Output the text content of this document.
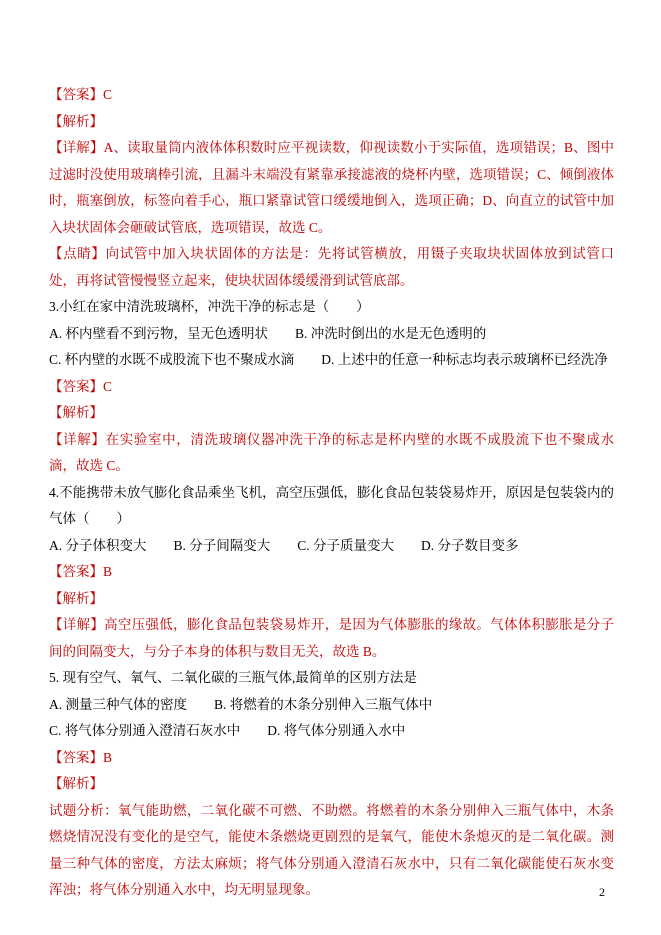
【答案】C

【解析】

【详解】A、读取量筒内液体体积数时应平视读数，仰视读数小于实际值，选项错误；B、图中过滤时没使用玻璃棒引流，且漏斗末端没有紧靠承接滤液的烧杯内壁，选项错误；C、倾倒液体时，瓶塞倒放，标签向着手心，瓶口紧靠试管口缓缓地倒入，选项正确；D、向直立的试管中加入块状固体会砸破试管底，选项错误，故选 C。

【点睛】向试管中加入块状固体的方法是：先将试管横放，用镊子夹取块状固体放到试管口处，再将试管慢慢竖立起来，使块状固体缓缓滑到试管底部。

3.小红在家中清洗玻璃杯，冲洗干净的标志是（　　）

A. 杯内壁看不到污物，呈无色透明状　　B. 冲洗时倒出的水是无色透明的

C. 杯内壁的水既不成股流下也不聚成水滴　　D. 上述中的任意一种标志均表示玻璃杯已经洗净

【答案】C

【解析】

【详解】在实验室中，清洗玻璃仪器冲洗干净的标志是杯内壁的水既不成股流下也不聚成水滴，故选 C。

4.不能携带未放气膨化食品乘坐飞机，高空压强低，膨化食品包装袋易炸开，原因是包装袋内的气体（　　）

A. 分子体积变大　　B. 分子间隔变大　　C. 分子质量变大　　D. 分子数目变多

【答案】B

【解析】

【详解】高空压强低，膨化食品包装袋易炸开，是因为气体膨胀的缘故。气体体积膨胀是分子间的间隔变大，与分子本身的体积与数目无关，故选 B。

5. 现有空气、氧气、二氧化碳的三瓶气体,最简单的区别方法是

A. 测量三种气体的密度　　B. 将燃着的木条分别伸入三瓶气体中

C. 将气体分别通入澄清石灰水中　　D. 将气体分别通入水中

【答案】B

【解析】

试题分析：氧气能助燃，二氧化碳不可燃、不助燃。将燃着的木条分别伸入三瓶气体中，木条燃烧情况没有变化的是空气，能使木条燃烧更剧烈的是氧气，能使木条熄灭的是二氧化碳。测量三种气体的密度，方法太麻烦；将气体分别通入澄清石灰水中，只有二氧化碳能使石灰水变浑浊；将气体分别通入水中，均无明显现象。	2
